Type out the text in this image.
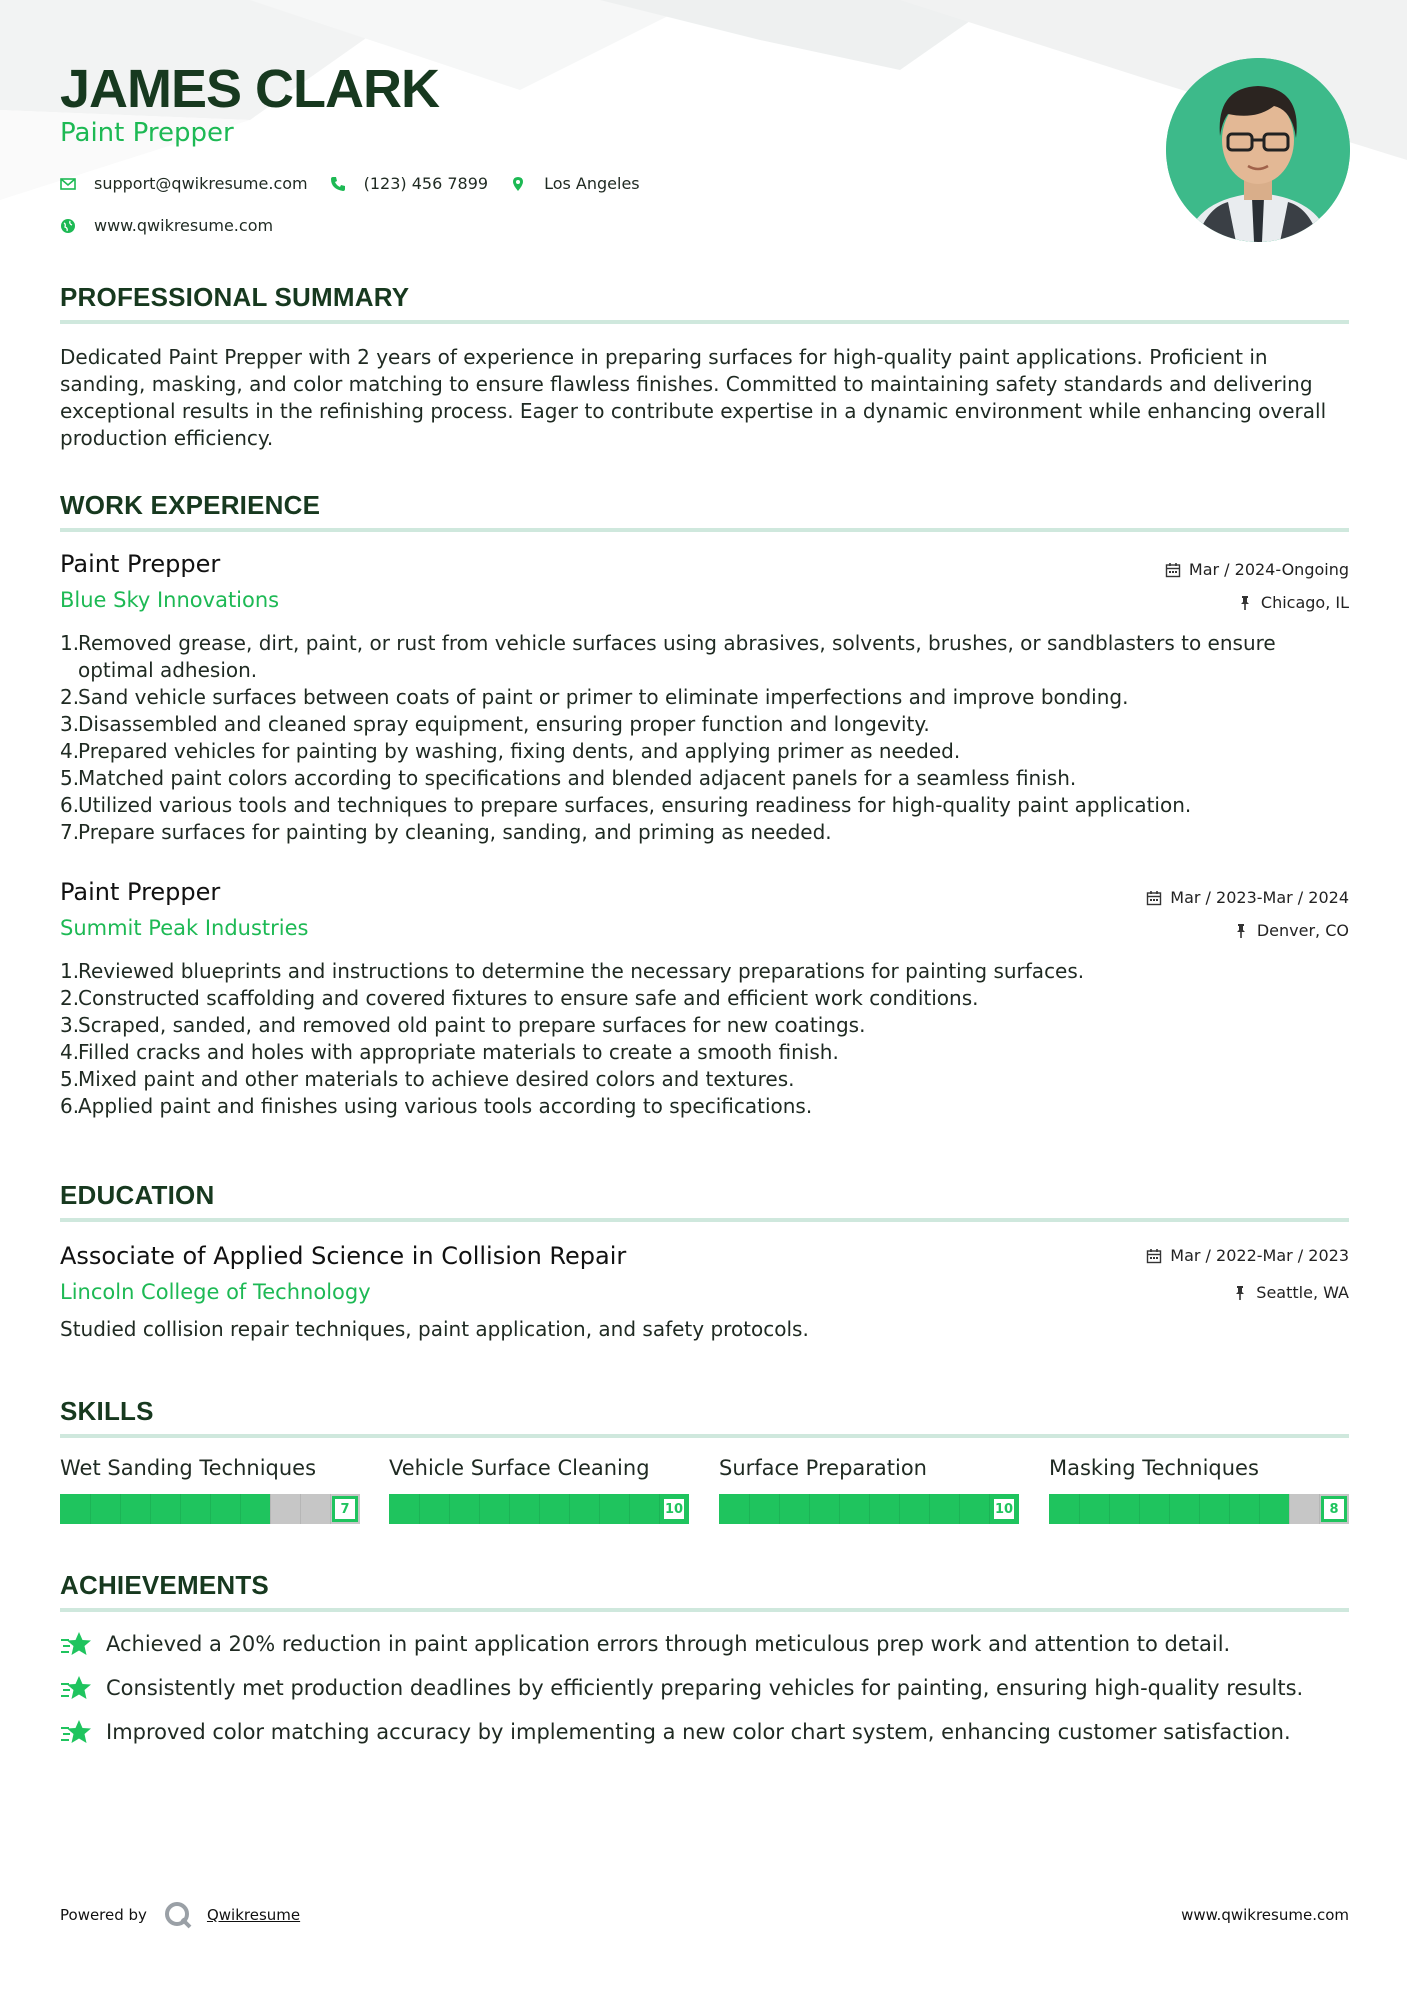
JAMES CLARK
Paint Prepper
support@qwikresume.com	(123) 456 7899	Los Angeles
www.qwikresume.com
PROFESSIONAL SUMMARY
Dedicated Paint Prepper with 2 years of experience in preparing surfaces for high-quality paint applications. Proficient in sanding, masking, and color matching to ensure flawless finishes. Committed to maintaining safety standards and delivering exceptional results in the refinishing process. Eager to contribute expertise in a dynamic environment while enhancing overall production efficiency.
WORK EXPERIENCE
Paint Prepper	Mar / 2024-Ongoing
Blue Sky Innovations	Chicago, IL
1.
Removed grease, dirt, paint, or rust from vehicle surfaces using abrasives, solvents, brushes, or sandblasters to ensure optimal adhesion.
2.
Sand vehicle surfaces between coats of paint or primer to eliminate imperfections and improve bonding.
3.
Disassembled and cleaned spray equipment, ensuring proper function and longevity.
4.
Prepared vehicles for painting by washing, fixing dents, and applying primer as needed.
5.
Matched paint colors according to specifications and blended adjacent panels for a seamless finish.
6.
Utilized various tools and techniques to prepare surfaces, ensuring readiness for high-quality paint application.
7.
Prepare surfaces for painting by cleaning, sanding, and priming as needed.
Paint Prepper	Mar / 2023-Mar / 2024
Summit Peak Industries	Denver, CO
1.
Reviewed blueprints and instructions to determine the necessary preparations for painting surfaces.
2.
Constructed scaffolding and covered fixtures to ensure safe and efficient work conditions.
3.
Scraped, sanded, and removed old paint to prepare surfaces for new coatings.
4.
Filled cracks and holes with appropriate materials to create a smooth finish.
5.
Mixed paint and other materials to achieve desired colors and textures.
6.
Applied paint and finishes using various tools according to specifications.
EDUCATION
Associate of Applied Science in Collision Repair	Mar / 2022-Mar / 2023
Lincoln College of Technology	Seattle, WA
Studied collision repair techniques, paint application, and safety protocols.
SKILLS
Wet Sanding Techniques
7
Vehicle Surface Cleaning
10
Surface Preparation
10
Masking Techniques
8
ACHIEVEMENTS
Achieved a 20% reduction in paint application errors through meticulous prep work and attention to detail.
Consistently met production deadlines by efficiently preparing vehicles for painting, ensuring high-quality results.
Improved color matching accuracy by implementing a new color chart system, enhancing customer satisfaction.
Powered by	Qwikresume	www.qwikresume.com
